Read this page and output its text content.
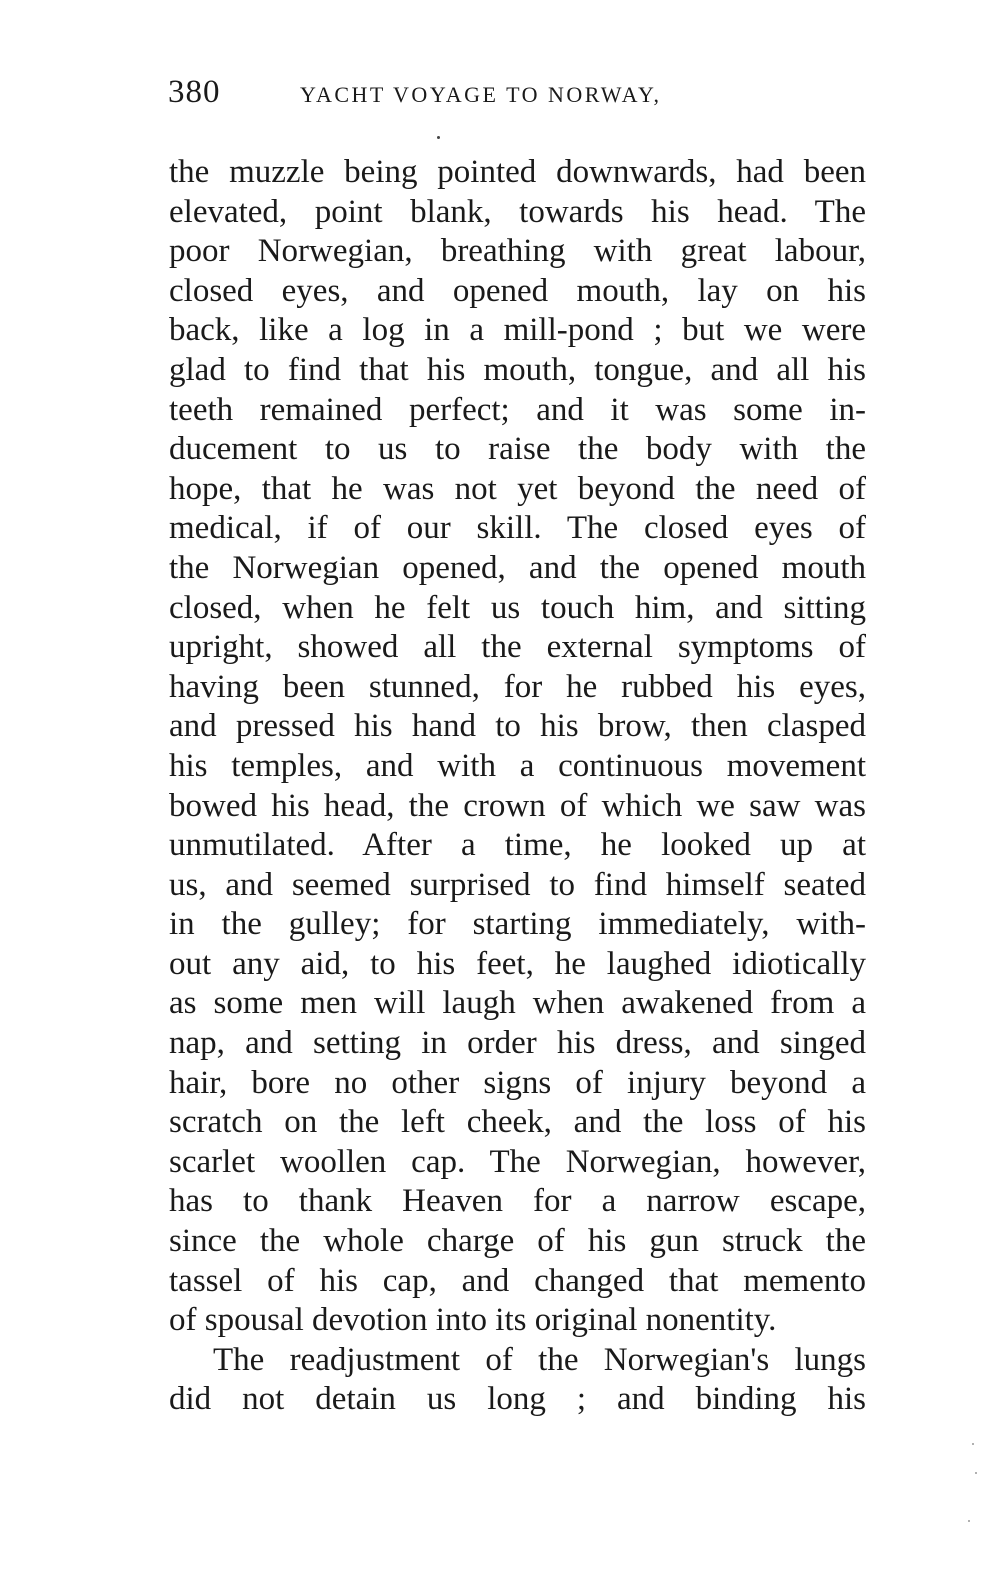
380	YACHT VOYAGE TO NORWAY,
the muzzle being pointed downwards, had been
elevated, point blank, towards his head. The
poor Norwegian, breathing with great labour,
closed eyes, and opened mouth, lay on his
back, like a log in a mill-pond ; but we were
glad to find that his mouth, tongue, and all his
teeth remained perfect; and it was some in-
ducement to us to raise the body with the
hope, that he was not yet beyond the need of
medical, if of our skill. The closed eyes of
the Norwegian opened, and the opened mouth
closed, when he felt us touch him, and sitting
upright, showed all the external symptoms of
having been stunned, for he rubbed his eyes,
and pressed his hand to his brow, then clasped
his temples, and with a continuous movement
bowed his head, the crown of which we saw was
unmutilated. After a time, he looked up at
us, and seemed surprised to find himself seated
in the gulley; for starting immediately, with-
out any aid, to his feet, he laughed idiotically
as some men will laugh when awakened from a
nap, and setting in order his dress, and singed
hair, bore no other signs of injury beyond a
scratch on the left cheek, and the loss of his
scarlet woollen cap. The Norwegian, however,
has to thank Heaven for a narrow escape,
since the whole charge of his gun struck the
tassel of his cap, and changed that memento
of spousal devotion into its original nonentity.
The readjustment of the Norwegian's lungs
did not detain us long ; and binding his
